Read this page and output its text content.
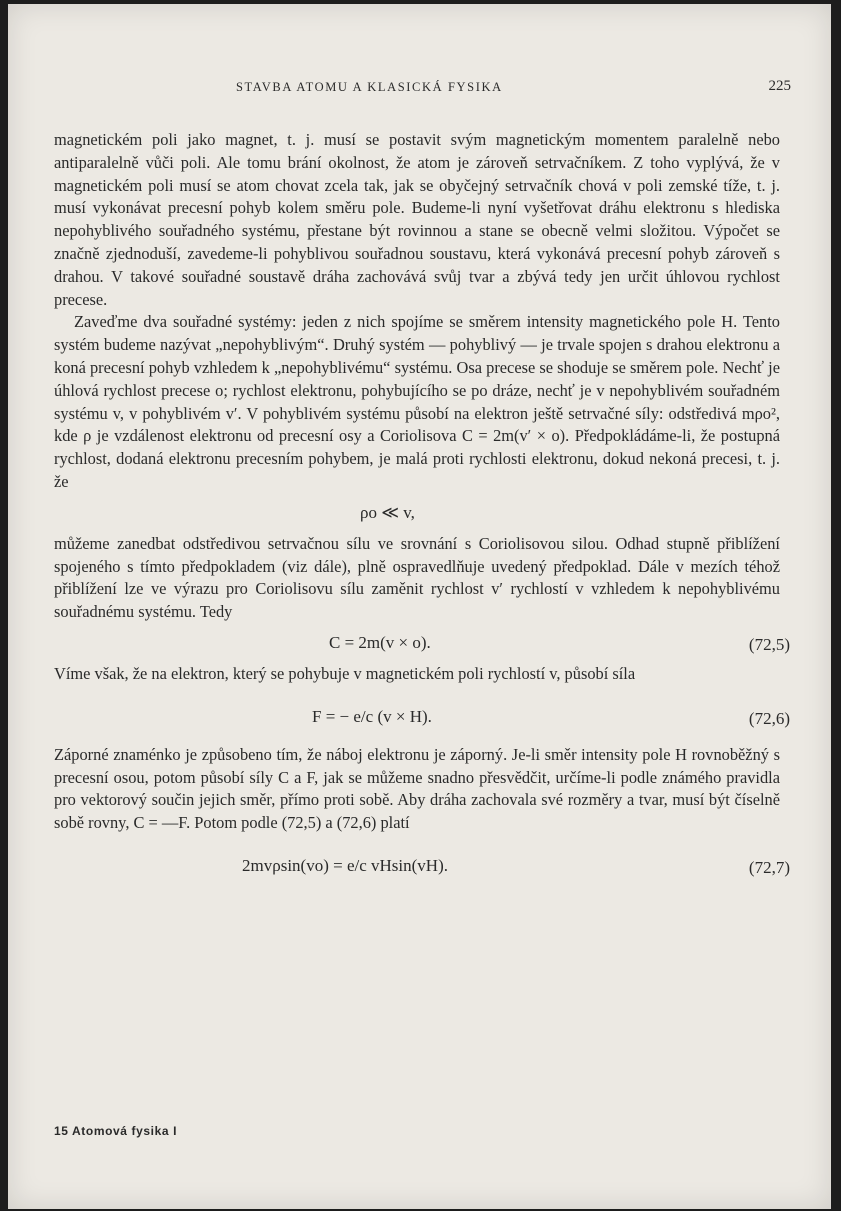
STAVBA ATOMU A KLASICKÁ FYSIKA	225

magnetickém poli jako magnet, t. j. musí se postavit svým magnetickým momentem paralelně nebo antiparalelně vůči poli. Ale tomu brání okolnost, že atom je zároveň setrvačníkem. Z toho vyplývá, že v magnetickém poli musí se atom chovat zcela tak, jak se obyčejný setrvačník chová v poli zemské tíže, t. j. musí vykonávat precesní pohyb kolem směru pole. Budeme-li nyní vyšetřovat dráhu elektronu s hlediska nepohyblivého souřadného systému, přestane být rovinnou a stane se obecně velmi složitou. Výpočet se značně zjednoduší, zavedeme-li pohyblivou souřadnou soustavu, která vykonává precesní pohyb zároveň s drahou. V takové souřadné soustavě dráha zachovává svůj tvar a zbývá tedy jen určit úhlovou rychlost precese.

Zaveďme dva souřadné systémy: jeden z nich spojíme se směrem intensity magnetického pole H. Tento systém budeme nazývat „nepohyblivým“. Druhý systém — pohyblivý — je trvale spojen s drahou elektronu a koná precesní pohyb vzhledem k „nepohyblivému“ systému. Osa precese se shoduje se směrem pole. Nechť je úhlová rychlost precese o; rychlost elektronu, pohybujícího se po dráze, nechť je v nepohyblivém souřadném systému v, v pohyblivém v′. V pohyblivém systému působí na elektron ještě setrvačné síly: odstředivá mρo², kde ρ je vzdálenost elektronu od precesní osy a Coriolisova C = 2m(v′ × o). Předpokládáme-li, že postupná rychlost, dodaná elektronu precesním pohybem, je malá proti rychlosti elektronu, dokud nekoná precesi, t. j. že

ρo ≪ v,

můžeme zanedbat odstředivou setrvačnou sílu ve srovnání s Coriolisovou silou. Odhad stupně přiblížení spojeného s tímto předpokladem (viz dále), plně ospravedlňuje uvedený předpoklad. Dále v mezích téhož přiblížení lze ve výrazu pro Coriolisovu sílu zaměnit rychlost v′ rychlostí v vzhledem k nepohyblivému souřadnému systému. Tedy

C = 2m(v × o).	(72,5)

Víme však, že na elektron, který se pohybuje v magnetickém poli rychlostí v, působí síla

F = − e/c (v × H).	(72,6)

Záporné znaménko je způsobeno tím, že náboj elektronu je záporný. Je-li směr intensity pole H rovnoběžný s precesní osou, potom působí síly C a F, jak se můžeme snadno přesvědčit, určíme-li podle známého pravidla pro vektorový součin jejich směr, přímo proti sobě. Aby dráha zachovala své rozměry a tvar, musí být číselně sobě rovny, C = —F. Potom podle (72,5) a (72,6) platí

2mvρsin(vo) = e/c vHsin(vH).	(72,7)
15 Atomová fysika I
